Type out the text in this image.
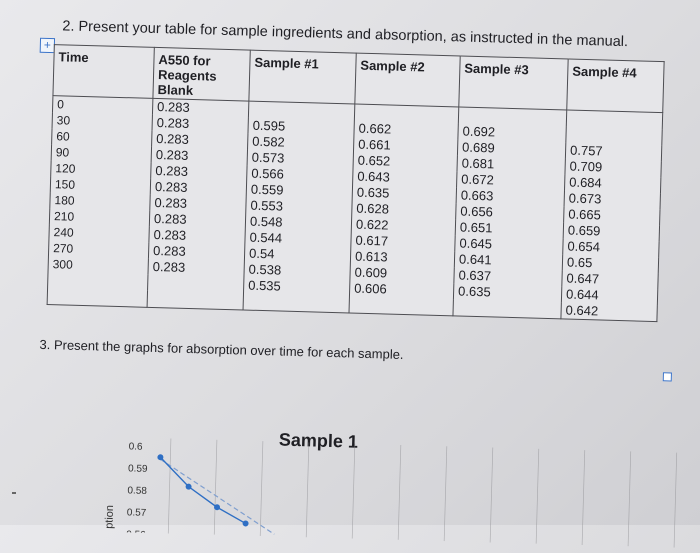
2. Present your table for sample ingredients and absorption, as instructed in the manual.
+
Time	A550 for Reagents Blank	Sample #1	Sample #2	Sample #3	Sample #4
0	0.283				
30	0.283	0.595	0.662	0.692	
60	0.283	0.582	0.661	0.689	0.757
90	0.283	0.573	0.652	0.681	0.709
120	0.283	0.566	0.643	0.672	0.684
150	0.283	0.559	0.635	0.663	0.673
180	0.283	0.553	0.628	0.656	0.665
210	0.283	0.548	0.622	0.651	0.659
240	0.283	0.544	0.617	0.645	0.654
270	0.283	0.54	0.613	0.641	0.65
300	0.283	0.538	0.609	0.637	0.647
		0.535	0.606	0.635	0.644
					0.642
3. Present the graphs for absorption over time for each sample.
Sample 1
0.6
0.59
0.58
0.57
0.56
ption
